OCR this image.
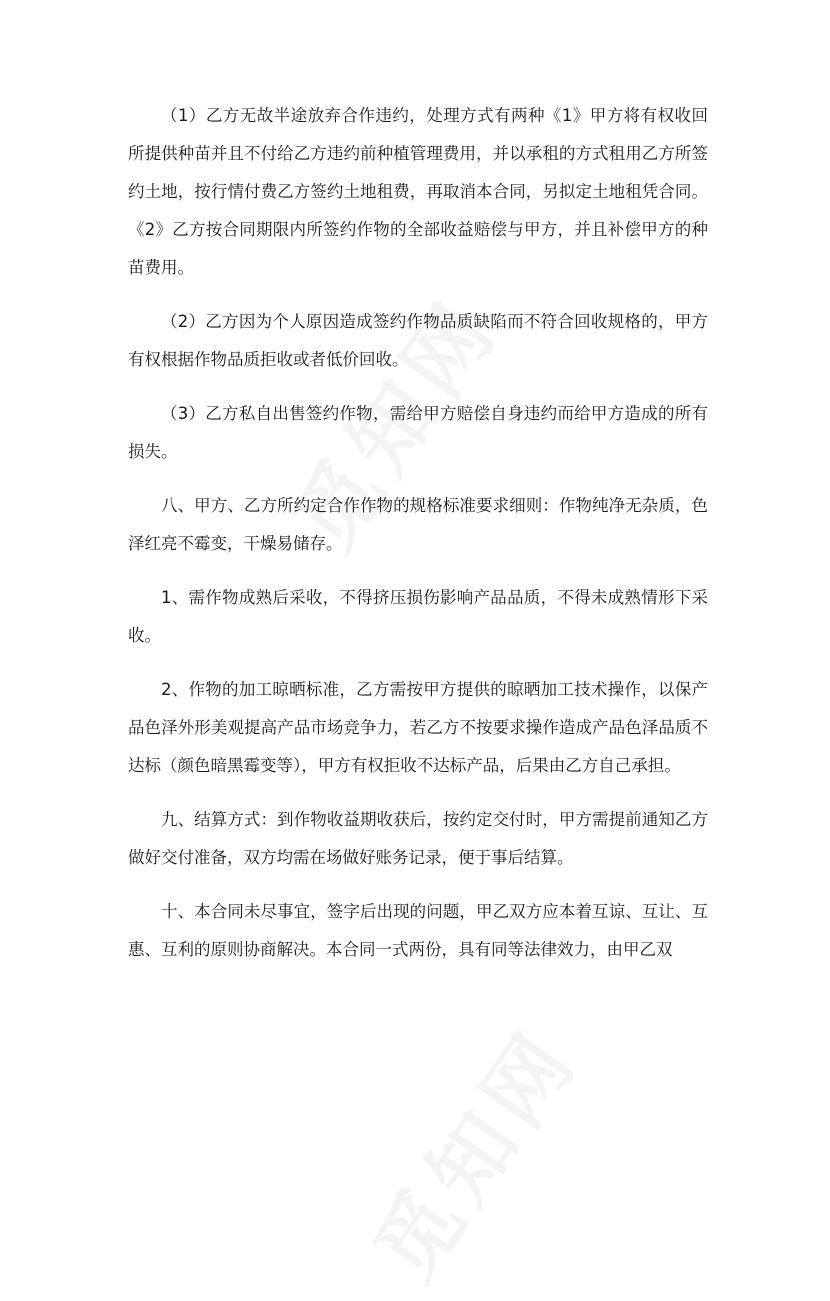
（1）乙方无故半途放弃合作违约，处理方式有两种《1》甲方将有权收回所提供种苗并且不付给乙方违约前种植管理费用，并以承租的方式租用乙方所签约土地，按行情付费乙方签约土地租费，再取消本合同，另拟定土地租凭合同。《2》乙方按合同期限内所签约作物的全部收益赔偿与甲方，并且补偿甲方的种苗费用。

（2）乙方因为个人原因造成签约作物品质缺陷而不符合回收规格的，甲方有权根据作物品质拒收或者低价回收。

（3）乙方私自出售签约作物，需给甲方赔偿自身违约而给甲方造成的所有损失。

八、甲方、乙方所约定合作作物的规格标准要求细则：作物纯净无杂质，色泽红亮不霉变，干燥易储存。

1、需作物成熟后采收，不得挤压损伤影响产品品质，不得未成熟情形下采收。

2、作物的加工晾晒标准，乙方需按甲方提供的晾晒加工技术操作，以保产品色泽外形美观提高产品市场竞争力，若乙方不按要求操作造成产品色泽品质不达标（颜色暗黑霉变等），甲方有权拒收不达标产品，后果由乙方自己承担。

九、结算方式：到作物收益期收获后，按约定交付时，甲方需提前通知乙方做好交付准备，双方均需在场做好账务记录，便于事后结算。

十、本合同未尽事宜，签字后出现的问题，甲乙双方应本着互谅、互让、互惠、互利的原则协商解决。本合同一式两份，具有同等法律效力，由甲乙双
